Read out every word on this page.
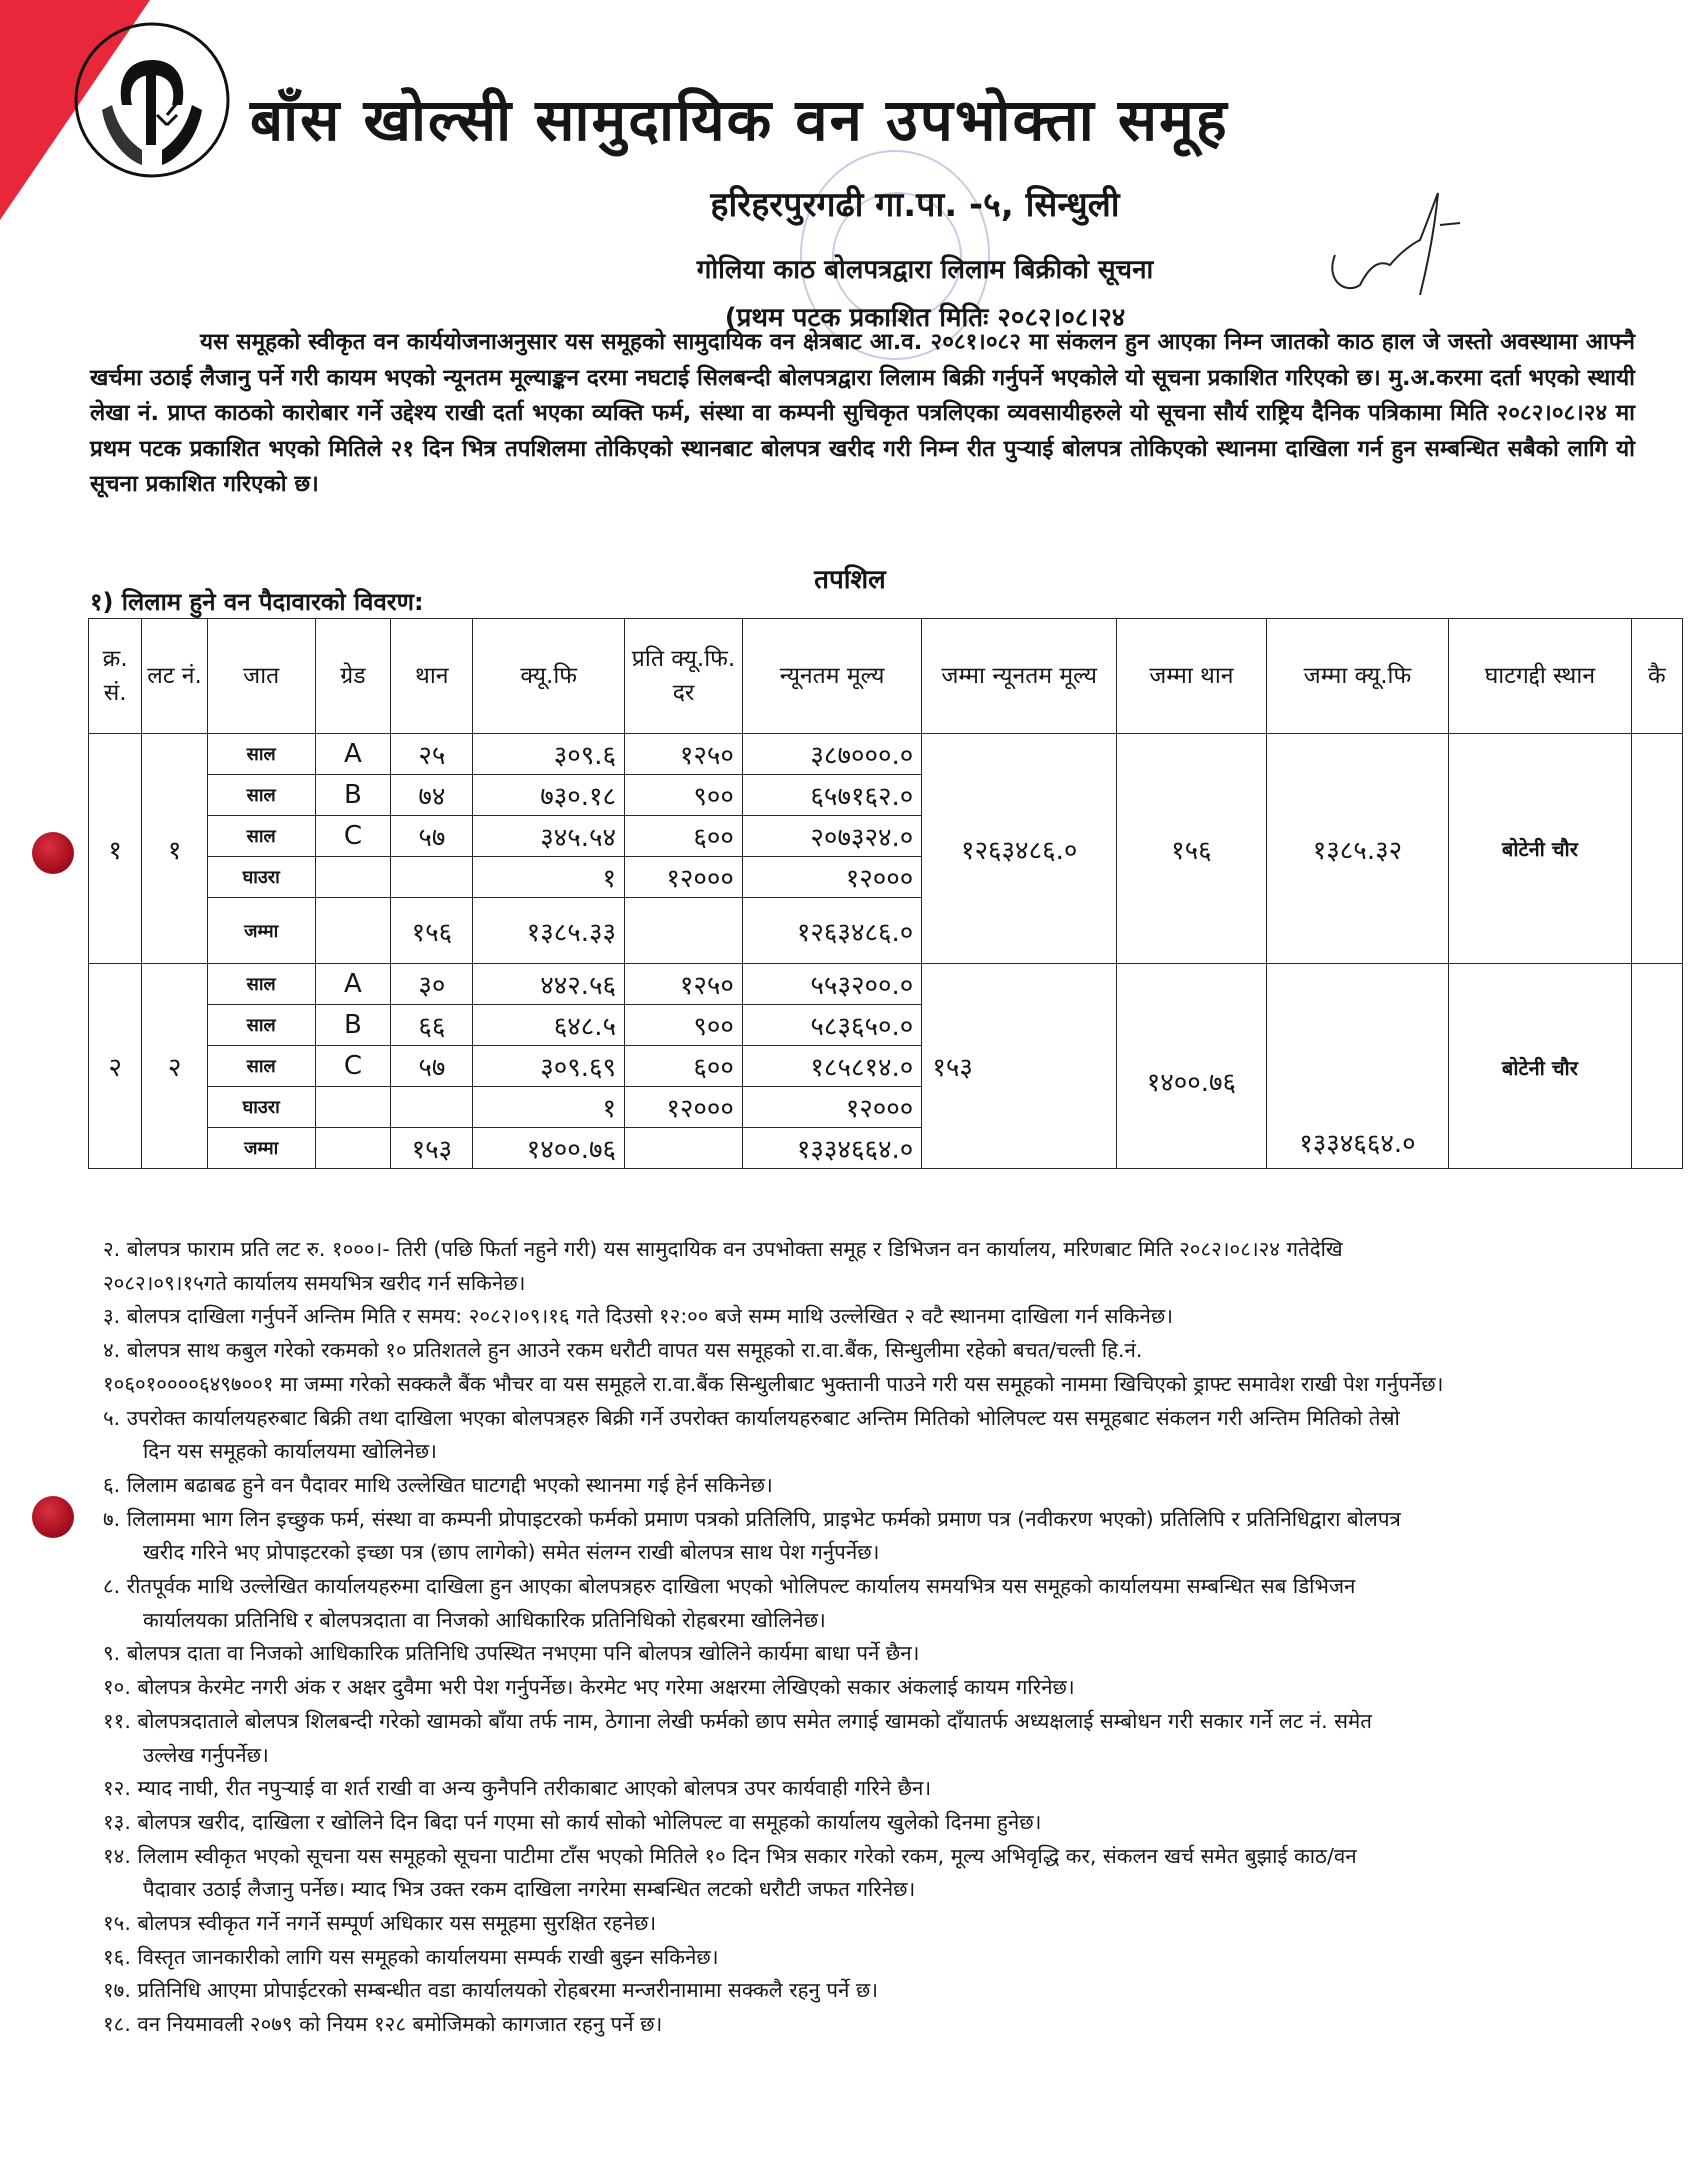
बाँस खोल्सी सामुदायिक वन उपभोक्ता समूह
हरिहरपुरगढी गा.पा. -५, सिन्धुली
गोलिया काठ बोलपत्रद्वारा लिलाम बिक्रीको सूचना
(प्रथम पटक प्रकाशित मितिः २०८२।०८।२४

यस समूहको स्वीकृत वन कार्ययोजनाअनुसार यस समूहको सामुदायिक वन क्षेत्रबाट आ.व. २०८१।०८२ मा संकलन हुन आएका निम्न जातको काठ हाल जे जस्तो अवस्थामा आफ्नै खर्चमा उठाई लैजानु पर्ने गरी कायम भएको न्यूनतम मूल्याङ्कन दरमा नघटाई सिलबन्दी बोलपत्रद्वारा लिलाम बिक्री गर्नुपर्ने भएकोले यो सूचना प्रकाशित गरिएको छ। मु.अ.करमा दर्ता भएको स्थायी लेखा नं. प्राप्त काठको कारोबार गर्ने उद्देश्य राखी दर्ता भएका व्यक्ति फर्म, संस्था वा कम्पनी सुचिकृत पत्रलिएका व्यवसायीहरुले यो सूचना सौर्य राष्ट्रिय दैनिक पत्रिकामा मिति २०८२।०८।२४ मा प्रथम पटक प्रकाशित भएको मितिले २१ दिन भित्र तपशिलमा तोकिएको स्थानबाट बोलपत्र खरीद गरी निम्न रीत पुर्‍याई बोलपत्र तोकिएको स्थानमा दाखिला गर्न हुन सम्बन्धित सबैको लागि यो सूचना प्रकाशित गरिएको छ।

तपशिल
१) लिलाम हुने वन पैदावारको विवरण:
क्र. सं.	लट नं.	जात	ग्रेड	थान	क्यू.फि	प्रति क्यू.फि. दर	न्यूनतम मूल्य	जम्मा न्यूनतम मूल्य	जम्मा थान	जम्मा क्यू.फि	घाटगद्दी स्थान	कै
१	१	साल	A	२५	३०९.६	१२५०	३८७०००.०	१२६३४८६.०	१५६	१३८५.३२	बोटेनी चौर	
		साल	B	७४	७३०.१८	९००	६५७१६२.०					
		साल	C	५७	३४५.५४	६००	२०७३२४.०					
		घाउरा			१	१२०००	१२०००					
		जम्मा		१५६	१३८५.३३		१२६३४८६.०					
२	२	साल	A	३०	४४२.५६	१२५०	५५३२००.०	१५३	१४००.७६	१३३४६६४.०	बोटेनी चौर	
		साल	B	६६	६४८.५	९००	५८३६५०.०					
		साल	C	५७	३०९.६९	६००	१८५८१४.०					
		घाउरा			१	१२०००	१२०००					
		जम्मा		१५३	१४००.७६		१३३४६६४.०					
२. बोलपत्र फाराम प्रति लट रु. १०००।- तिरी (पछि फिर्ता नहुने गरी) यस सामुदायिक वन उपभोक्ता समूह र डिभिजन वन कार्यालय, मरिणबाट मिति २०८२।०८।२४ गतेदेखि
२०८२।०९।१५गते कार्यालय समयभित्र खरीद गर्न सकिनेछ।
३. बोलपत्र दाखिला गर्नुपर्ने अन्तिम मिति र समय: २०८२।०९।१६ गते दिउसो १२:०० बजे सम्म माथि उल्लेखित २ वटै स्थानमा दाखिला गर्न सकिनेछ।
४. बोलपत्र साथ कबुल गरेको रकमको १० प्रतिशतले हुन आउने रकम धरौटी वापत यस समूहको रा.वा.बैंक, सिन्धुलीमा रहेको बचत/चल्ती हि.नं.
१०६०१००००६४९७००१ मा जम्मा गरेको सक्कलै बैंक भौचर वा यस समूहले रा.वा.बैंक सिन्धुलीबाट भुक्तानी पाउने गरी यस समूहको नाममा खिचिएको ड्राफ्ट समावेश राखी पेश गर्नुपर्नेछ।
५. उपरोक्त कार्यालयहरुबाट बिक्री तथा दाखिला भएका बोलपत्रहरु बिक्री गर्ने उपरोक्त कार्यालयहरुबाट अन्तिम मितिको भोलिपल्ट यस समूहबाट संकलन गरी अन्तिम मितिको तेस्रो
दिन यस समूहको कार्यालयमा खोलिनेछ।
६. लिलाम बढाबढ हुने वन पैदावर माथि उल्लेखित घाटगद्दी भएको स्थानमा गई हेर्न सकिनेछ।
७. लिलाममा भाग लिन इच्छुक फर्म, संस्था वा कम्पनी प्रोपाइटरको फर्मको प्रमाण पत्रको प्रतिलिपि, प्राइभेट फर्मको प्रमाण पत्र (नवीकरण भएको) प्रतिलिपि र प्रतिनिधिद्वारा बोलपत्र
खरीद गरिने भए प्रोपाइटरको इच्छा पत्र (छाप लागेको) समेत संलग्न राखी बोलपत्र साथ पेश गर्नुपर्नेछ।
८. रीतपूर्वक माथि उल्लेखित कार्यालयहरुमा दाखिला हुन आएका बोलपत्रहरु दाखिला भएको भोलिपल्ट कार्यालय समयभित्र यस समूहको कार्यालयमा सम्बन्धित सब डिभिजन
कार्यालयका प्रतिनिधि र बोलपत्रदाता वा निजको आधिकारिक प्रतिनिधिको रोहबरमा खोलिनेछ।
९. बोलपत्र दाता वा निजको आधिकारिक प्रतिनिधि उपस्थित नभएमा पनि बोलपत्र खोलिने कार्यमा बाधा पर्ने छैन।
१०. बोलपत्र केरमेट नगरी अंक र अक्षर दुवैमा भरी पेश गर्नुपर्नेछ। केरमेट भए गरेमा अक्षरमा लेखिएको सकार अंकलाई कायम गरिनेछ।
११. बोलपत्रदाताले बोलपत्र शिलबन्दी गरेको खामको बाँया तर्फ नाम, ठेगाना लेखी फर्मको छाप समेत लगाई खामको दाँयातर्फ अध्यक्षलाई सम्बोधन गरी सकार गर्ने लट नं. समेत
उल्लेख गर्नुपर्नेछ।
१२. म्याद नाघी, रीत नपुर्‍याई वा शर्त राखी वा अन्य कुनैपनि तरीकाबाट आएको बोलपत्र उपर कार्यवाही गरिने छैन।
१३. बोलपत्र खरीद, दाखिला र खोलिने दिन बिदा पर्न गएमा सो कार्य सोको भोलिपल्ट वा समूहको कार्यालय खुलेको दिनमा हुनेछ।
१४. लिलाम स्वीकृत भएको सूचना यस समूहको सूचना पाटीमा टाँस भएको मितिले १० दिन भित्र सकार गरेको रकम, मूल्य अभिवृद्धि कर, संकलन खर्च समेत बुझाई काठ/वन
पैदावार उठाई लैजानु पर्नेछ। म्याद भित्र उक्त रकम दाखिला नगरेमा सम्बन्धित लटको धरौटी जफत गरिनेछ।
१५. बोलपत्र स्वीकृत गर्ने नगर्ने सम्पूर्ण अधिकार यस समूहमा सुरक्षित रहनेछ।
१६. विस्तृत जानकारीको लागि यस समूहको कार्यालयमा सम्पर्क राखी बुझ्न सकिनेछ।
१७. प्रतिनिधि आएमा प्रोपाईटरको सम्बन्धीत वडा कार्यालयको रोहबरमा मन्जरीनामामा सक्कलै रहनु पर्ने छ।
१८. वन नियमावली २०७९ को नियम १२८ बमोजिमको कागजात रहनु पर्ने छ।
